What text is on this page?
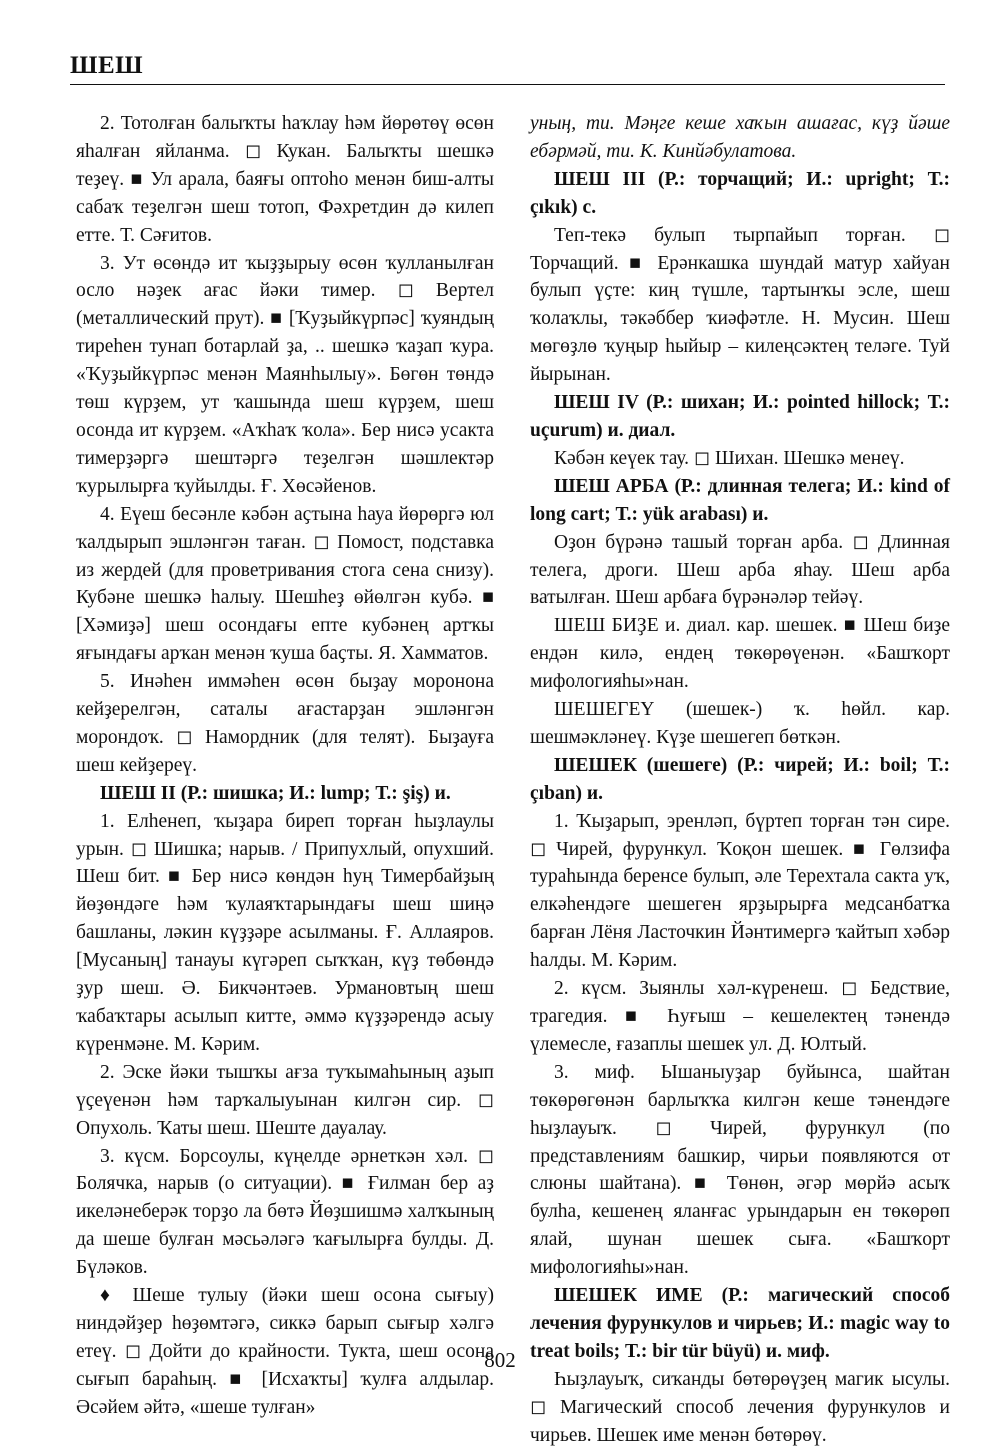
ШЕШ

2. Тотолған балыҡты һаҡлау һәм йөрөтөү өсөн яһалған яйланма. ◻ Кукан. Балыҡты шешкә теҙеү. ■ Ул арала, баяғы оптоһо менән биш-алты сабаҡ теҙелгән шеш тотоп, Фәхретдин дә килеп етте. Т. Сәғитов.

3. Ут өсөндә ит ҡыҙҙырыу өсөн ҡулланылған осло нәҙек ағас йәки тимер. ◻ Вертел (металлический прут). ■ [Ҡуҙыйкүрпәс] ҡуяндың тиреһен тунап ботарлай ҙа, .. шешкә ҡаҙап ҡура. «Ҡуҙыйкүрпәс менән Маянһылыу». Бөгөн төндә төш күрҙем, ут ҡашында шеш күрҙем, шеш осонда ит күрҙем. «Аҡһаҡ ҡола». Бер нисә усакта тимерҙәргә шештәргә теҙелгән шәшлектәр ҡурылырға ҡуйылды. Ғ. Хөсәйенов.

4. Еүеш бесәнле кәбән аҫтына һауа йөрөргә юл ҡалдырып эшләнгән таған. ◻ Помост, подставка из жердей (для проветривания стога сена снизу). Кубәне шешкә һалыу. Шешһеҙ өйөлгән кубә. ■ [Хәмиҙә] шеш осондағы епте кубәнең артҡы яғындағы арҡан менән ҡуша баҫты. Я. Хамматов.

5. Инәһен иммәһен өсөн быҙау моронона кейҙерелгән, саталы ағастарҙан эшләнгән морондоҡ. ◻ Намордник (для телят). Быҙауға шеш кейҙереү.

ШЕШ II (Р.: шишка; И.: lump; Т.: şiş) и.

1. Елһенеп, ҡыҙара биреп торған һыҙлаулы урын. ◻ Шишка; нарыв. / Припухлый, опухший. Шеш бит. ■ Бер нисә көндән һуң Тимербайҙың йөҙөндәге һәм ҡулаяҡтарындағы шеш шиңә башланы, ләкин күҙҙәре асылманы. Ғ. Аллаяров. [Мусаның] танауы күгәреп сыҡҡан, күҙ төбөндә ҙур шеш. Ә. Бикчәнтәев. Урмановтың шеш ҡабаҡтары асылып китте, әммә күҙҙәрендә асыу күренмәне. М. Кәрим.

2. Эске йәки тышҡы ағза туҡымаһының аҙып үҫеүенән һәм тарҡалыуынан килгән сир. ◻ Опухоль. Ҡаты шеш. Шеште дауалау.

3. күсм. Борсоулы, күңелде әрнеткән хәл. ◻ Болячка, нарыв (о ситуации). ■ Ғилман бер аҙ икеләнеберәк торҙо ла бөтә Йөҙшишмә халҡының да шеше булған мәсьәләгә ҡағылырға булды. Д. Бүләков.

♦ Шеше тулыу (йәки шеш осона сығыу) ниндәйҙер һөҙөмтәгә, сиккә барып сығыр хәлгә етеү. ◻ Дойти до крайности. Тукта, шеш осона сығып бараһың. ■ [Исхаҡты] ҡулға алдылар. Әсәйем әйтә, «шеше тулған»

уның, ти. Мәңге кеше хаҡын ашағас, күҙ йәше ебәрмәй, ти. К. Кинйәбулатова.

ШЕШ III (Р.: торчащий; И.: upright; Т.: çıkık) с.

Теп-текә булып тырпайып торған. ◻ Торчащий. ■ Ерәнкашка шундай матур хайуан булып үҫте: киң түшле, тартынҡы эсле, шеш ҡолаҡлы, тәкәббер ҡиәфәтле. Н. Мусин. Шеш мөгөҙлө ҡуңыр һыйыр – килеңсәктең теләге. Туй йырынан.

ШЕШ IV (Р.: шихан; И.: pointed hillock; Т.: uçurum) и. диал.

Кәбән кеүек тау. ◻ Шихан. Шешкә менеү.

ШЕШ АРБА (Р.: длинная телега; И.: kind of long cart; Т.: yük arabası) и.

Оҙон бүрәнә ташый торған арба. ◻ Длинная телега, дроги. Шеш арба яһау. Шеш арба ватылған. Шеш арбаға бүрәнәләр тейәү.

ШЕШ БИҘЕ и. диал. кар. шешек. ■ Шеш биҙе ендән килә, ендең төкөрөүенән. «Башҡорт мифологияһы»нан.

ШЕШЕГЕҮ (шешек-) ҡ. һөйл. кар. шешмәкләнеү. Күҙе шешегеп бөткән.

ШЕШЕК (шешеге) (Р.: чирей; И.: boil; Т.: çıban) и.

1. Ҡыҙарып, эренләп, бүртеп торған тән сире. ◻ Чирей, фурункул. Ҡоқон шешек. ■ Гөлзифа тураһында беренсе булып, әле Терехтала сакта уҡ, елкәһендәге шешеген ярҙырырға медсанбатҡа барған Лёня Ласточкин Йәнтимергә ҡайтып хәбәр һалды. М. Кәрим.

2. күсм. Зыянлы хәл-күренеш. ◻ Бедствие, трагедия. ■ Һуғыш – кешелектең тәнендә үлемесле, ғазаплы шешек ул. Д. Юлтый.

3. миф. Ышаныуҙар буйынса, шайтан төкөрөгөнән барлыҡҡа килгән кеше тәнендәге һыҙлауыҡ. ◻ Чирей, фурункул (по представлениям башкир, чирьи появляются от слюны шайтана). ■ Төнөн, әгәр мөрйә асыҡ булһа, кешенең яланғас урындарын ен төкөрөп ялай, шунан шешек сыға. «Башҡорт мифологияһы»нан.

ШЕШЕК ИМЕ (Р.: магический способ лечения фурункулов и чирьев; И.: magic way to treat boils; Т.: bir tür büyü) и. миф.

Һыҙлауыҡ, сиҡанды бөтөрөүҙең магик ысулы. ◻ Магический способ лечения фурункулов и чирьев. Шешек име менән бөтөрөү.

802
